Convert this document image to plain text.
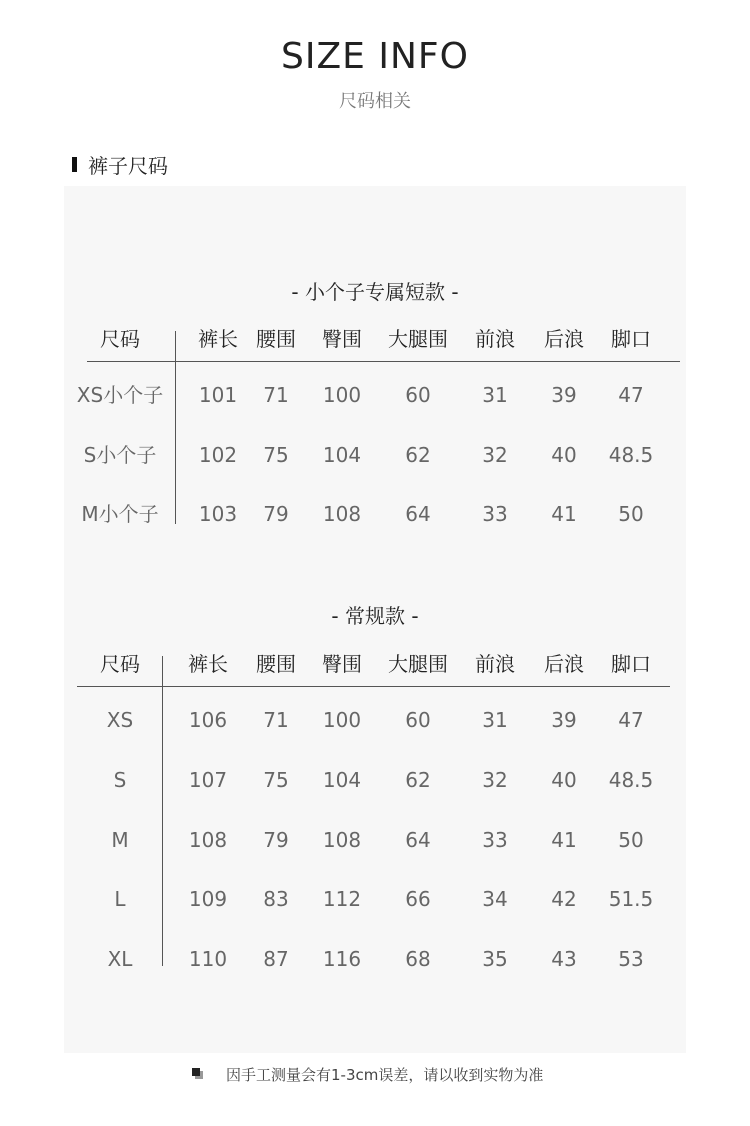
SIZE INFO
尺码相关
裤子尺码
- 小个子专属短款 -
尺码	裤长 腰围	臀围	大腿围	前浪	后浪	脚口
XS小个子	101	71	100	60	31	39	47
S小个子	102	75	104	62	32	40	48.5
M小个子	103	79	108	64	33	41	50
- 常规款 -
尺码	裤长	腰围	臀围	大腿围	前浪	后浪	脚口
XS	106	71	100	60	31	39	47
S	107	75	104	62	32	40	48.5
M	108	79	108	64	33	41	50
L	109	83	112	66	34	42	51.5
XL	110	87	116	68	35	43	53
因手工测量会有1-3cm误差，请以收到实物为准
